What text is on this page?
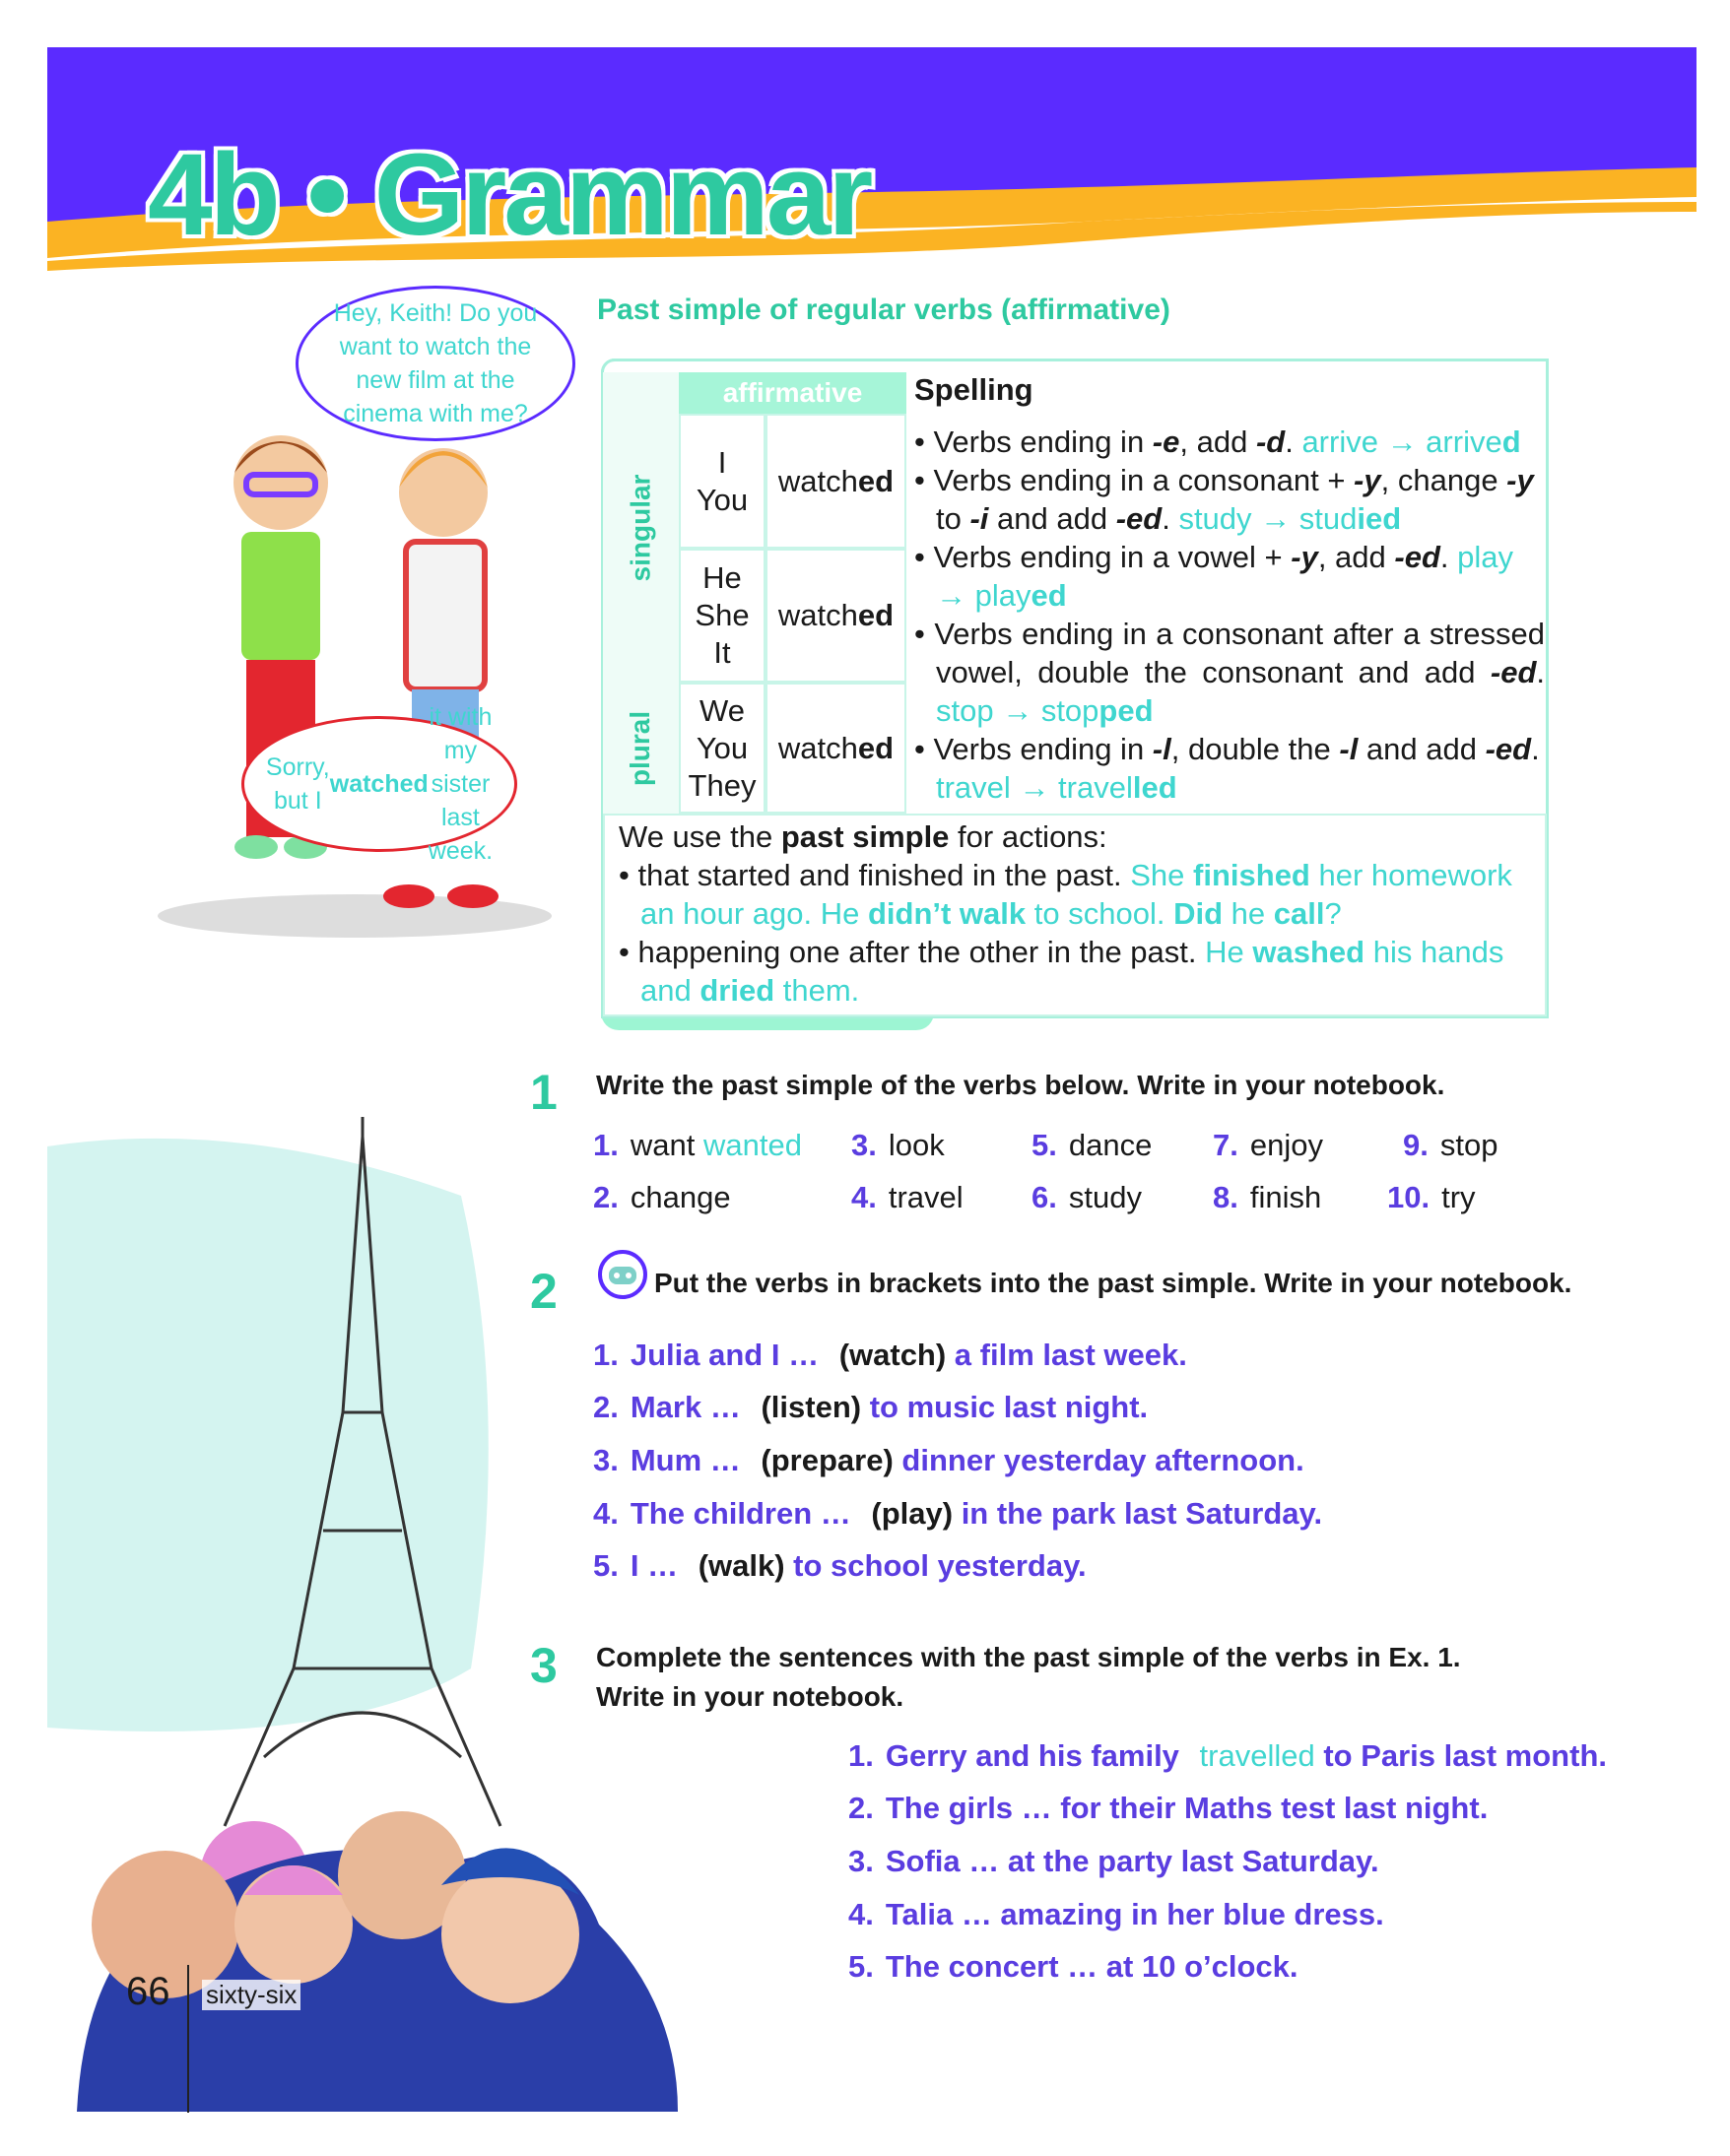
4b • Grammar
Hey, Keith! Do you want to watch the new film at the cinema with me?
Sorry, but I
watched
it with my sister last week.
Past simple of regular verbs (affirmative)
affirmative
singular
plural
I
You
watch ed
He
She
It
watch ed
We
You
They
watch ed
Spelling
• Verbs ending in -e, add -d. arrive → arrived
• Verbs ending in a consonant + -y, change -y to -i and add -ed. study → studied
• Verbs ending in a vowel + -y, add -ed. play → played
• Verbs ending in a consonant after a stressed vowel, double the consonant and add -ed. stop → stopped
• Verbs ending in -l, double the -l and add -ed. travel → travelled
We use the past simple for actions:
• that started and finished in the past. She finished her homework an hour ago. He didn’t walk to school. Did he call?
• happening one after the other in the past. He washed his hands and dried them.
1 Write the past simple of the verbs below. Write in your notebook.
1. want wanted
2. change
3. look
4. travel
5. dance
6. study
7. enjoy
8. finish
9. stop
10. try
2	Put the verbs in brackets into the past simple. Write in your notebook.
1. Julia and I … (watch) a film last week.
2. Mark … (listen) to music last night.
3. Mum … (prepare) dinner yesterday afternoon.
4. The children … (play) in the park last Saturday.
5. I … (walk) to school yesterday.
3 Complete the sentences with the past simple of the verbs in Ex. 1.
Write in your notebook.
1. Gerry and his family travelled to Paris last month.
2. The girls … for their Maths test last night.
3. Sofia … at the party last Saturday.
4. Talia … amazing in her blue dress.
5. The concert … at 10 o’clock.
66 sixty-six
